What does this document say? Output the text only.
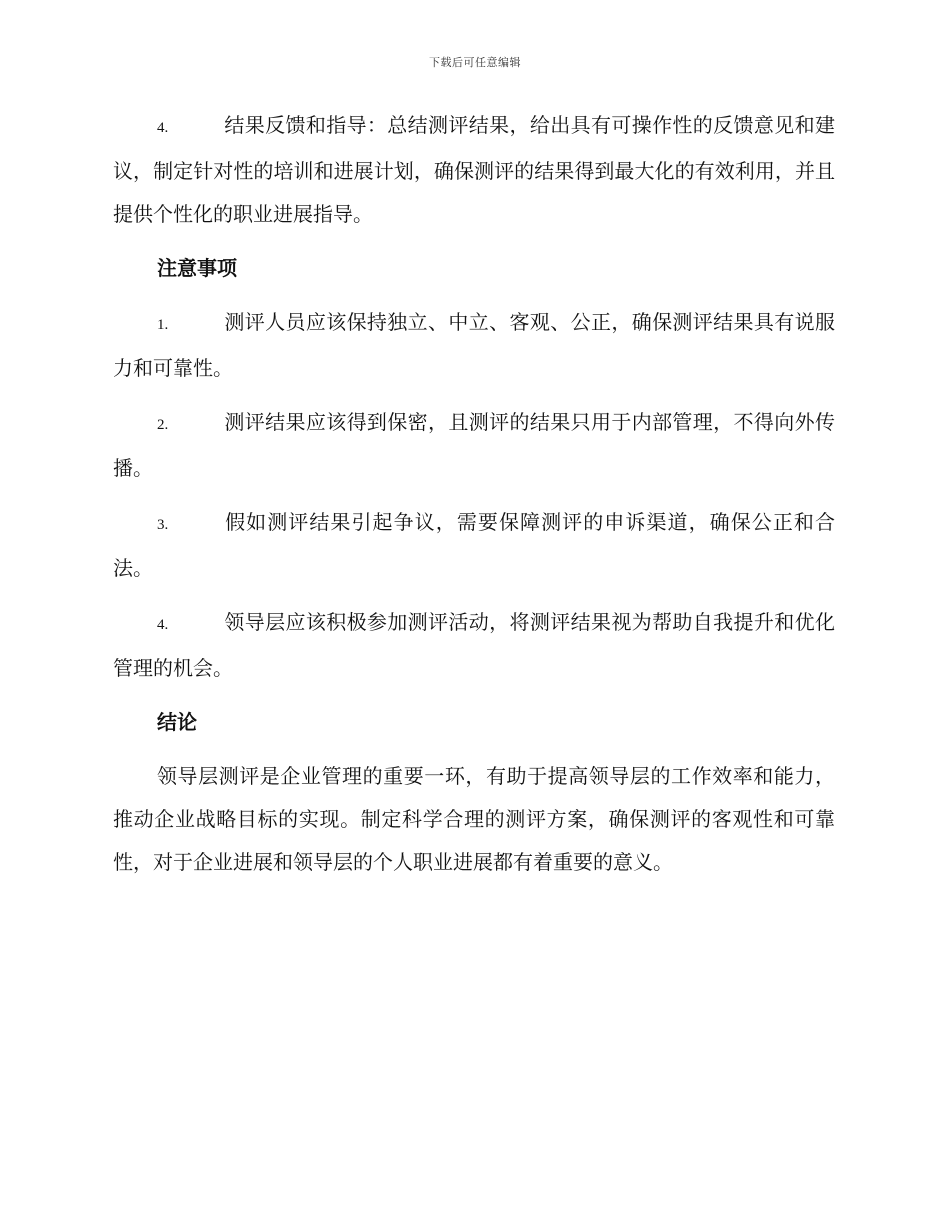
下载后可任意编辑

4.	结果反馈和指导：总结测评结果，给出具有可操作性的反馈意见和建议，制定针对性的培训和进展计划，确保测评的结果得到最大化的有效利用，并且提供个性化的职业进展指导。

注意事项

1.	测评人员应该保持独立、中立、客观、公正，确保测评结果具有说服力和可靠性。

2.	测评结果应该得到保密，且测评的结果只用于内部管理，不得向外传播。

3.	假如测评结果引起争议，需要保障测评的申诉渠道，确保公正和合法。

4.	领导层应该积极参加测评活动，将测评结果视为帮助自我提升和优化管理的机会。

结论

领导层测评是企业管理的重要一环，有助于提高领导层的工作效率和能力，推动企业战略目标的实现。制定科学合理的测评方案，确保测评的客观性和可靠性，对于企业进展和领导层的个人职业进展都有着重要的意义。
